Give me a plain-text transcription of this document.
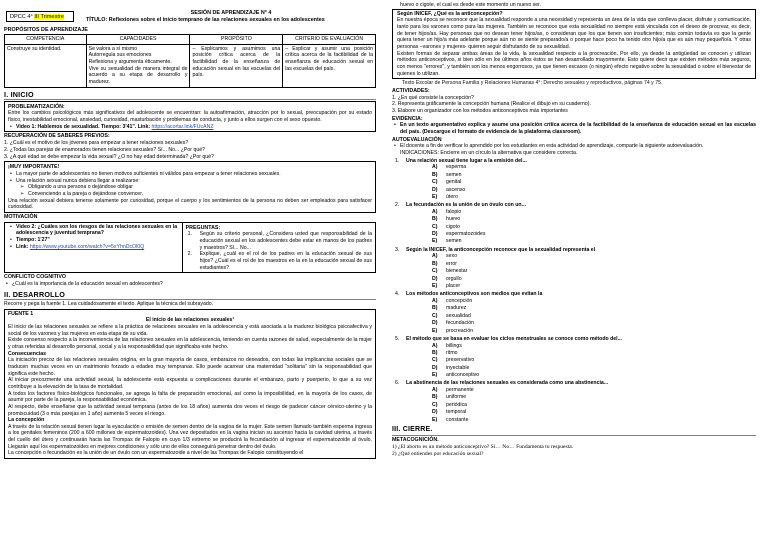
DPCC 4° III Trimestre
SESIÓN DE APRENDIZAJE N° 4
TÍTULO: Reflexiones sobre el inicio temprano de las relaciones sexuales en los adolescentes
PROPÓSITOS DE APRENDIZAJE
COMPETENCIA	CAPACIDADES	PROPÓSITO	CRITERIO DE EVALUACIÓN
Construye su identidad.	Se valora a sí mismo
Autorregula sus emociones
Reflexiona y argumenta éticamente.
Vive su sexualidad de manera integral de acuerdo a su etapa de desarrollo y madurez.	– Explicamos y asumimos una posición crítica acerca de la factibilidad de la enseñanza de educación sexual en las escuelas del país.	– Explicar y asumir una posición crítica acerca de la factibilidad de la enseñanza de educación sexual en las escuelas del país.
I. INICIO
PROBLEMATIZACIÓN:
Entre los cambios psicológicos más significativos del adolescente se encuentran: la autoafirmación, atracción por lo sexual, preocupación por su estado físico, inestabilidad emocional, ansiedad, curiosidad, masturbación y problemas de conducta, y junto a ellos surgen con el sexo opuesto.
• Video 1: Hablemos de sexualidad. Tiempo: 3'41". Link: https://acortar.link/FUcANZ
RECUPERACIÓN DE SABERES PREVIOS:
1. ¿Cuál es el motivo de los jóvenes para empezar a tener relaciones sexuales?
2. ¿Todas las parejas de enamorados tienen relaciones sexuales? Sí... No... ¿Por qué?
3. ¿A qué edad se debe empezar la vida sexual? ¿O no hay edad determinada? ¿Por qué?
¡MUY IMPORTANTE!
• La mayor parte de adolescentes no tienen motivos suficientes ni válidos para empezar a tener relaciones sexuales.
• Una relación sexual nunca debiera llegar a realizarse:
➢ Obligando a una persona o dejándose obligar
➢ Convenciendo a la pareja o dejándose convencer.
Una relación sexual debiera tenerse solamente por curiosidad, porque el cuerpo y los sentimientos de la persona no deben ser empleados para satisfacer curiosidad.
MOTIVACIÓN
• Video 2: ¿Cuáles son los riesgos de las relaciones sexuales en la adolescencia y juventud temprana?
• Tiempo: 1'27"
• Link: https://www.youtube.com/watch?v=5xYhnDcOl0Q
PREGUNTAS:
1.	Según su criterio personal, ¿Considera usted que responsabilidad de la educación sexual en los adolescentes debe estar en manos de los padres y maestros? Sí... No...
2.	Explique, ¿cuál es el rol de los padres en la educación sexual de sus hijos? ¿Cuál es el rol de los maestros en la en la educación sexual de sus estudiantes?
CONFLICTO COGNITIVO
• ¿Cuál es la importancia de la educación sexual en adolescentes?
II. DESARROLLO
Recorre y pega la fuente 1. Lea cuidadosamente el texto. Aplique la técnica del subrayado.
FUENTE 1
El inicio de las relaciones sexuales¹
El inicio de las relaciones sexuales se refiere a la práctica de relaciones sexuales en la adolescencia y está asociada a la madurez biológica psicoafectiva y social de los varones y las mujeres en esta etapa de su vida.
Existe consenso respecto a la inconveniencia de las relaciones sexuales en la adolescencia, teniendo en cuenta razones de salud, especialmente de la mujer y otras referidas al desarrollo personal, social y a la responsabilidad que significaba este hecho.
Consecuencias
La iniciación precoz de las relaciones sexuales origina, en la gran mayoría de casos, embarazos no deseados, con todas las implicancias sociales que se traducen muchas veces en un matrimonio forzado a edades muy tempranas. Ello puede acarrear una maternidad "solitaria" sin la responsabilidad que significa este hecho.
Al iniciar precozmente una actividad sexual, la adolescente está expuesta a complicaciones durante el embarazo, parto y puerperio, lo que a su vez contribuye a la elevación de la tasa de mortalidad.
A todos los factores físico-biológicos funcionales, se agrega la falta de preparación emocional, así como la imposibilidad, en la mayoría de los casos, de asumir por parte de la pareja, la responsabilidad económica.
Al respecto, debe enseñarse que la actividad sexual temprana (antes de los 18 años) aumenta dos veces el riesgo de padecer cáncer cérvico-uterino y la promiscuidad (3 o más parejas en 1 año) aumenta 5 veces el riesgo.
La concepción
A través de la relación sexual tienen lugar la eyaculación o emisión de semen dentro de la vagina de la mujer. Este semen llamado también esperma ingresa a los genitales femeninos (200 a 600 millones de espermatozoides). Una vez depositados en la vagina inician su ascenso hacia la cavidad uterina, a través del cuello del útero y continuarán hacia las Trompas de Falopio en cuyo 1/3 extremo se producirá la fecundación al ingresar el espermatozoide al óvulo. Llegarán aquí los espermatozoides en mejores condiciones y sólo uno de ellos conseguirá penetrar dentro del óvulo.
La concepción o fecundación es la unión de un óvulo con un espermatozoide a nivel de las Trompas de Falopio constituyendo el
huevo o cigote, el cual es desde este momento un nuevo ser.
Según INICEF, ¿Qué es la anticoncepción?
En nuestra época se reconoce que la sexualidad responde a una necesidad y representa un área de la vida que conlleva placer, disfrute y comunicación, tanto para los varones como para las mujeres. También se reconoce que esta sexualidad no siempre está vinculada con el deseo de procrear, es decir, de tener hijos/as. Hay personas que no desean tener hijos/as, o consideran que los que tienen son insuficientes; más común todavía es que la gente quiera tener un hijo/a más adelante porque aún no se siente preparado/a o porque hace poco ha tenido otro hijo/a que es aún muy pequeño/a. Y otras personas –varones y mujeres- quieren seguir disfrutando de su sexualidad.
Existen formas de separar ambas áreas de la vida, la sexualidad respecto a la procreación. Por ello, ya desde la antigüedad se conocen y utilizan métodos anticonceptivos, si bien sólo en los últimos años éstos se han desarrollado mayormente. Esto quiere decir que existen métodos más seguros, con menos "errores", y también son los menos engorrosos, ya que tienen escasos (o ningún) efecto negativo sobre la sexualidad o sobre el bienestar de quienes lo utilizan.
Texto Escolar de Persona Familia y Relaciones Humanas 4°: Derecho sexuales y reproductivos, páginas 74 y 75.
ACTIVIDADES:
1. ¿En qué consiste la concepción?
2. Representa gráficamente la concepción humana (Realice el dibujo en su cuaderno).
3. Elabore un organizador con los métodos anticonceptivos más importantes
EVIDENCIA:
• En un texto argumentativo explica y asume una posición crítica acerca de la factibilidad de la enseñanza de educación sexual en las escuelas del país. (Descargue el formato de evidencia de la plataforma classroom).
AUTOEVALUACIÓN
• El docente a fin de verificar lo aprendido por los estudiantes en esta actividad de aprendizaje, comparte la siguiente autoevaluación.
INDICACIONES: Encierre en un círculo la alternativa que considere correcta.
1.	Una relación sexual tiene lugar a la emisión del...
A)	esperma
B)	semen
C)	genital
D)	ascenso
E)	útero
2.	La fecundación es la unión de un óvulo con un...
A)	falopio
B)	huevo
C)	cigoto
D)	espermatozoides
E)	semen
3.	Según la INICEF, la anticoncepción reconoce que la sexualidad representa el
A)	sexo
B)	error
C)	bienestar
D)	orgullo
E)	placer
4.	Los métodos anticonceptivos son medios que evitan la
A)	concepción
B)	madurez
C)	sexualidad
D)	fecundación
E)	procreación
5.	El método que se basa en evaluar los ciclos menstruales se conoce como método del...
A)	billings
B)	ritmo
C)	preservativo
D)	inyectable
E)	anticonceptivo
6.	La abstinencia de las relaciones sexuales es considerada como una abstinencia...
A)	permanente
B)	uniforme
C)	periódica
D)	temporal
E)	constante
III. CIERRE.
METACOGNICIÓN.
1) ¿El aborto es un método anticonceptivo? Sí… No… Fundamenta tu respuesta.
2) ¿Qué entiendes por educación sexual?
